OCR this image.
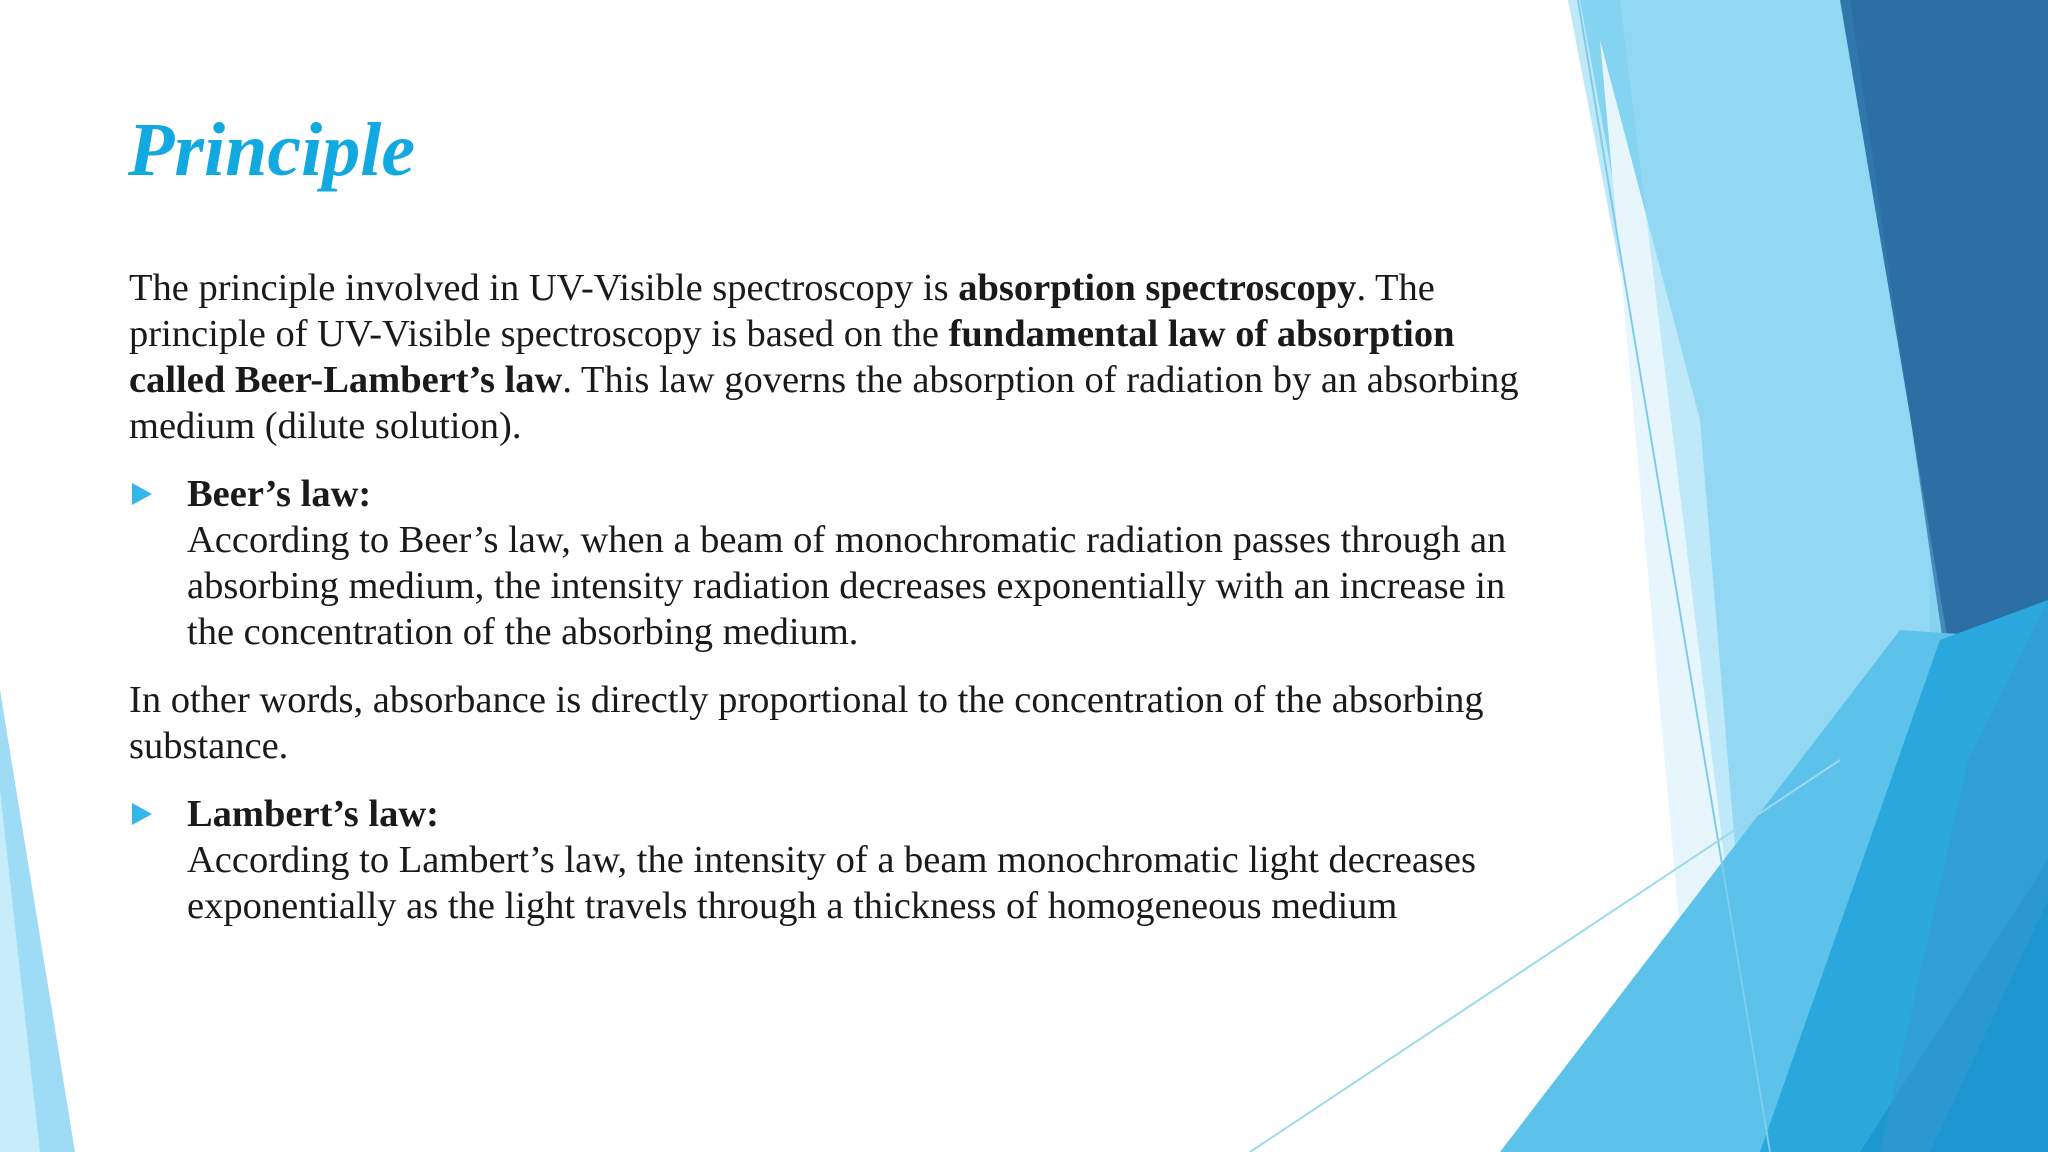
Principle

The principle involved in UV-Visible spectroscopy is absorption spectroscopy. The principle of UV-Visible spectroscopy is based on the fundamental law of absorption called Beer-Lambert’s law. This law governs the absorption of radiation by an absorbing medium (dilute solution).

Beer’s law:
According to Beer’s law, when a beam of monochromatic radiation passes through an absorbing medium, the intensity radiation decreases exponentially with an increase in the concentration of the absorbing medium.

In other words, absorbance is directly proportional to the concentration of the absorbing substance.

Lambert’s law:
According to Lambert’s law, the intensity of a beam monochromatic light decreases exponentially as the light travels through a thickness of homogeneous medium
